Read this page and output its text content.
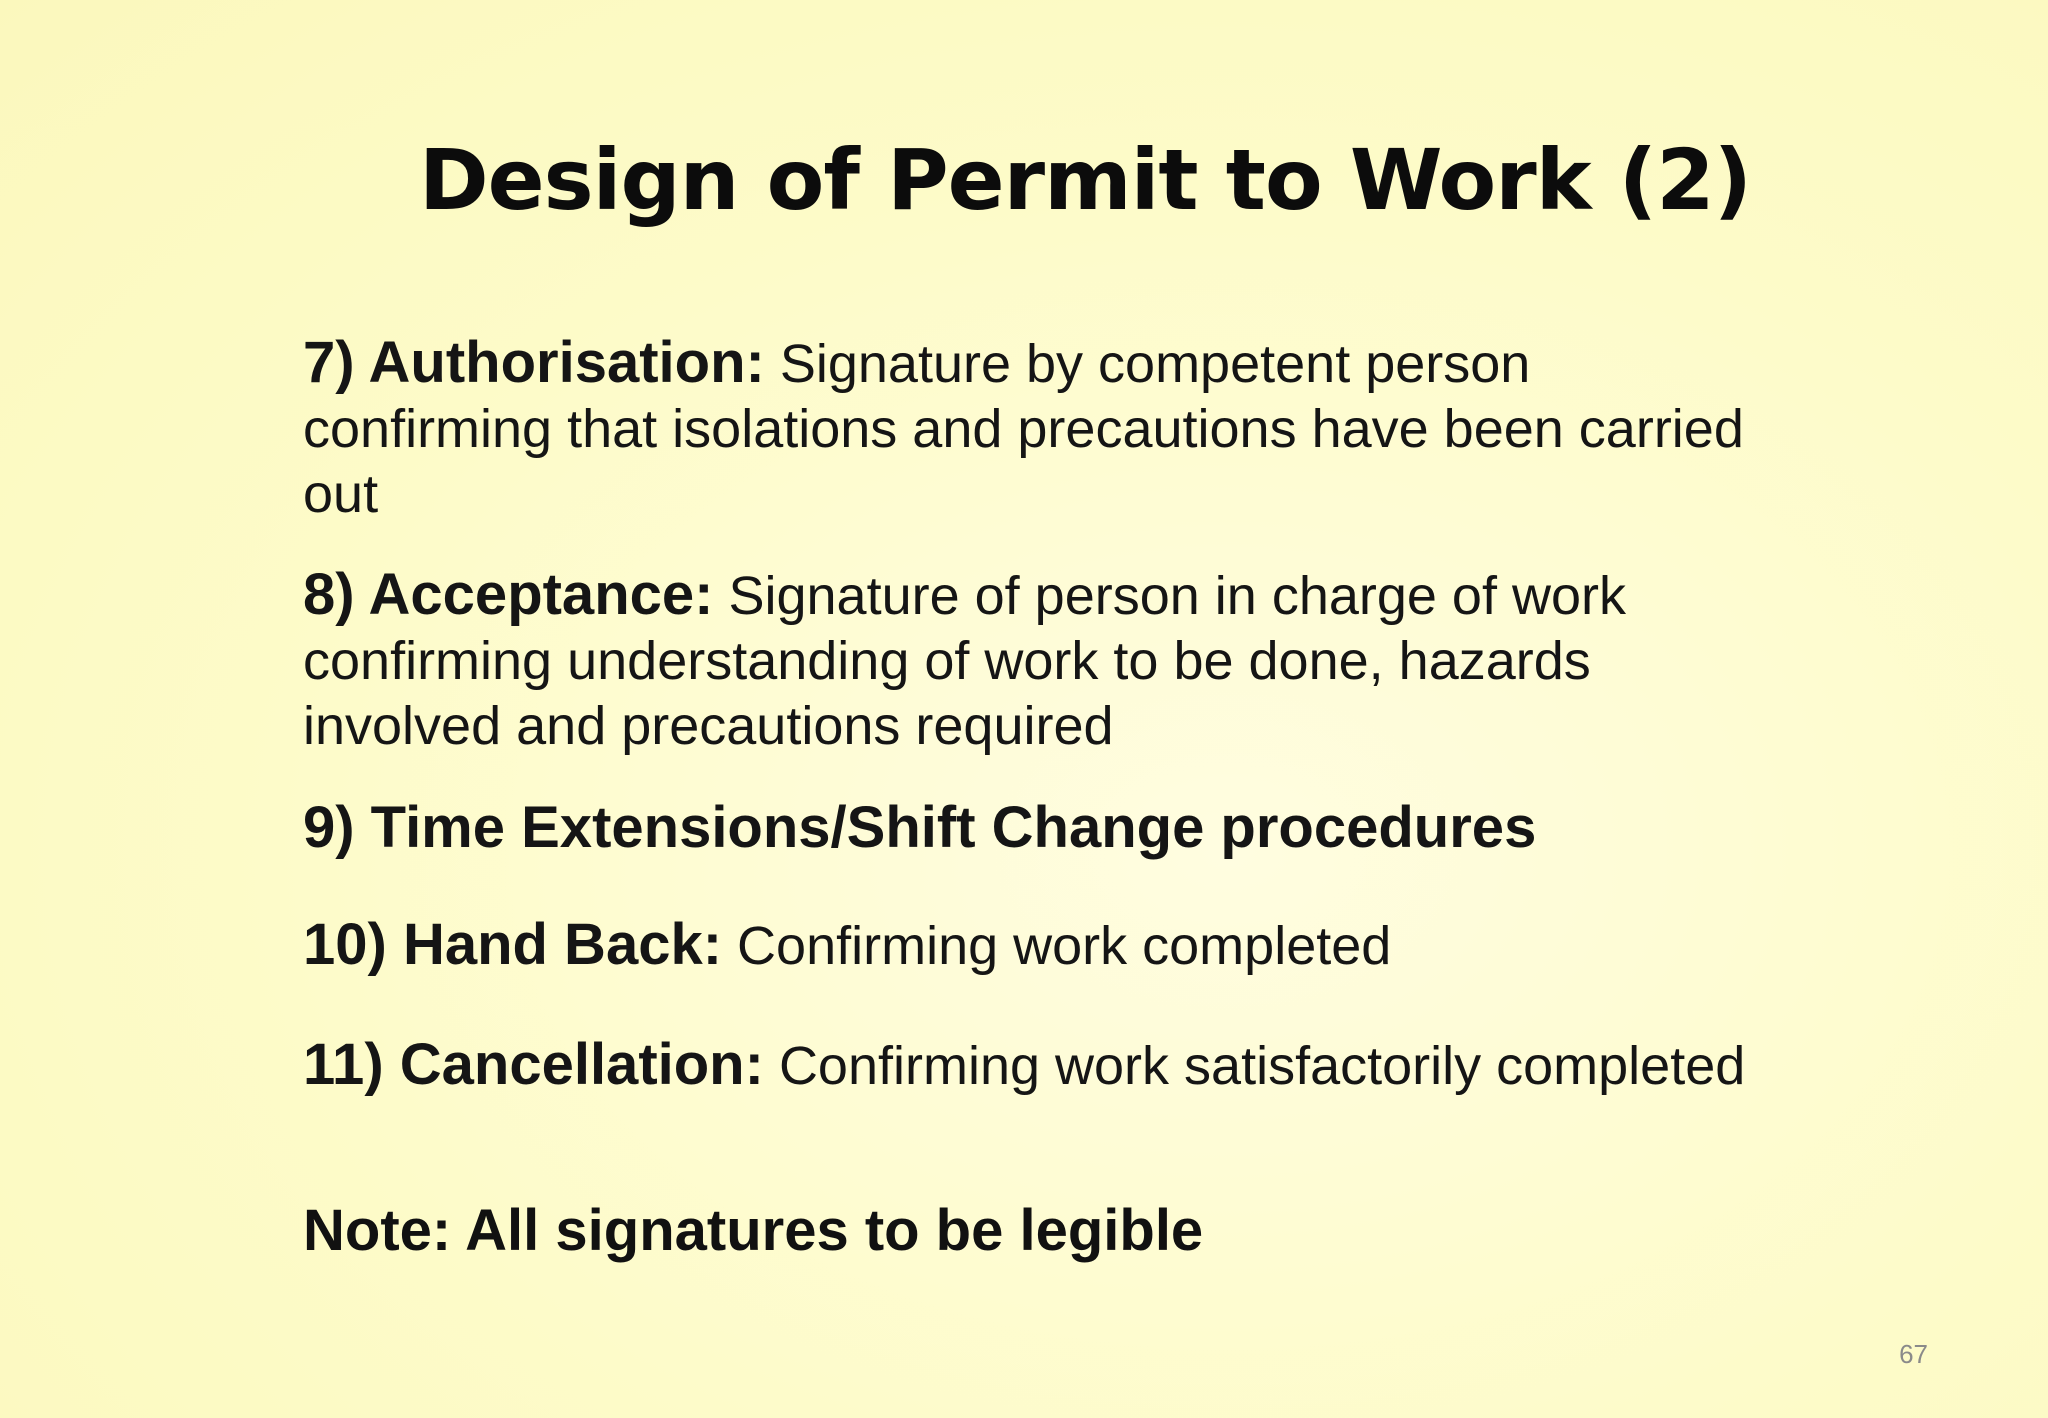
Design of Permit to Work (2)
7) Authorisation: Signature by competent person confirming that isolations and precautions have been carried out
8) Acceptance: Signature of person in charge of work confirming understanding of work to be done, hazards involved and precautions required
9) Time Extensions/Shift Change procedures
10) Hand Back: Confirming work completed
11) Cancellation: Confirming work satisfactorily completed
Note: All signatures to be legible
67
